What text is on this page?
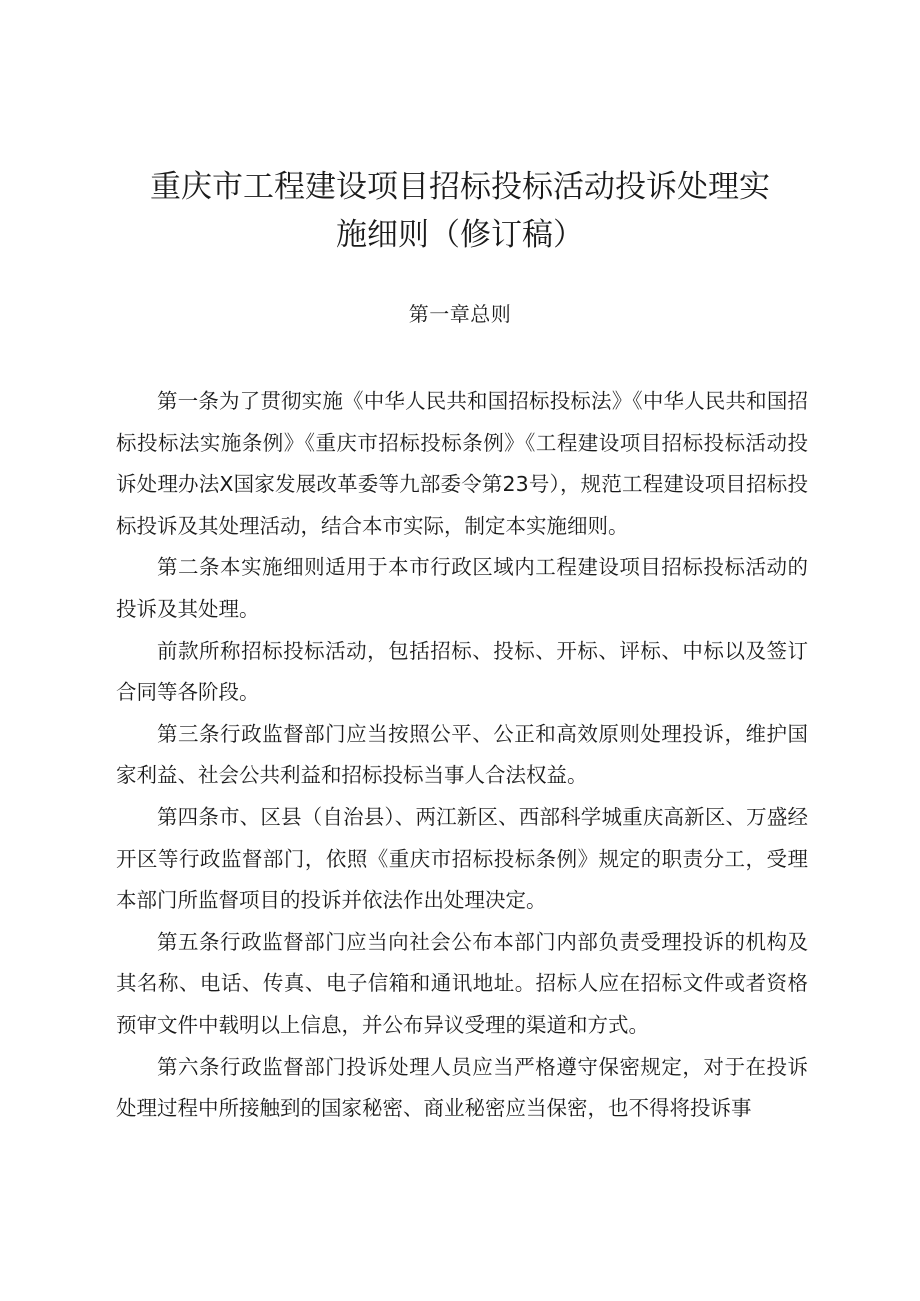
重庆市工程建设项目招标投标活动投诉处理实
施细则（修订稿）
第一章总则

第一条为了贯彻实施《中华人民共和国招标投标法》《中华人民共和国招标投标法实施条例》《重庆市招标投标条例》《工程建设项目招标投标活动投诉处理办法X国家发展改革委等九部委令第23号），规范工程建设项目招标投标投诉及其处理活动，结合本市实际，制定本实施细则。

第二条本实施细则适用于本市行政区域内工程建设项目招标投标活动的投诉及其处理。

前款所称招标投标活动，包括招标、投标、开标、评标、中标以及签订合同等各阶段。

第三条行政监督部门应当按照公平、公正和高效原则处理投诉，维护国家利益、社会公共利益和招标投标当事人合法权益。

第四条市、区县（自治县）、两江新区、西部科学城重庆高新区、万盛经开区等行政监督部门，依照《重庆市招标投标条例》规定的职责分工，受理本部门所监督项目的投诉并依法作出处理决定。

第五条行政监督部门应当向社会公布本部门内部负责受理投诉的机构及其名称、电话、传真、电子信箱和通讯地址。招标人应在招标文件或者资格预审文件中载明以上信息，并公布异议受理的渠道和方式。

第六条行政监督部门投诉处理人员应当严格遵守保密规定，对于在投诉处理过程中所接触到的国家秘密、商业秘密应当保密，也不得将投诉事
